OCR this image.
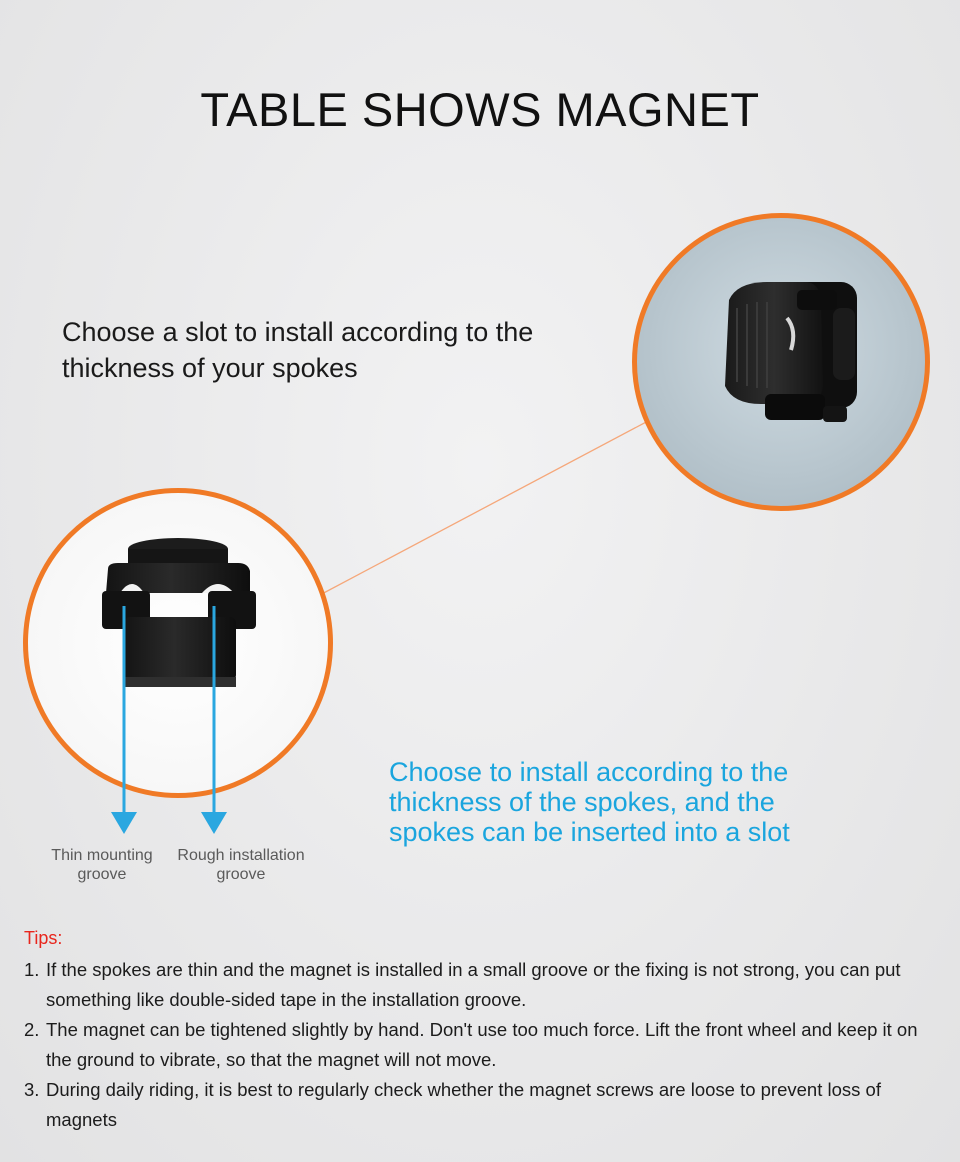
TABLE SHOWS MAGNET
Choose a slot to install according to the thickness of your spokes
Thin mounting groove
Rough installation groove
Choose to install according to the thickness of the spokes, and the spokes can be inserted into a slot
Tips:
1. If the spokes are thin and the magnet is installed in a small groove or the fixing is not strong, you can put something like double-sided tape in the installation groove.
2. The magnet can be tightened slightly by hand. Don't use too much force. Lift the front wheel and keep it on the ground to vibrate, so that the magnet will not move.
3. During daily riding, it is best to regularly check whether the magnet screws are loose to prevent loss of magnets
